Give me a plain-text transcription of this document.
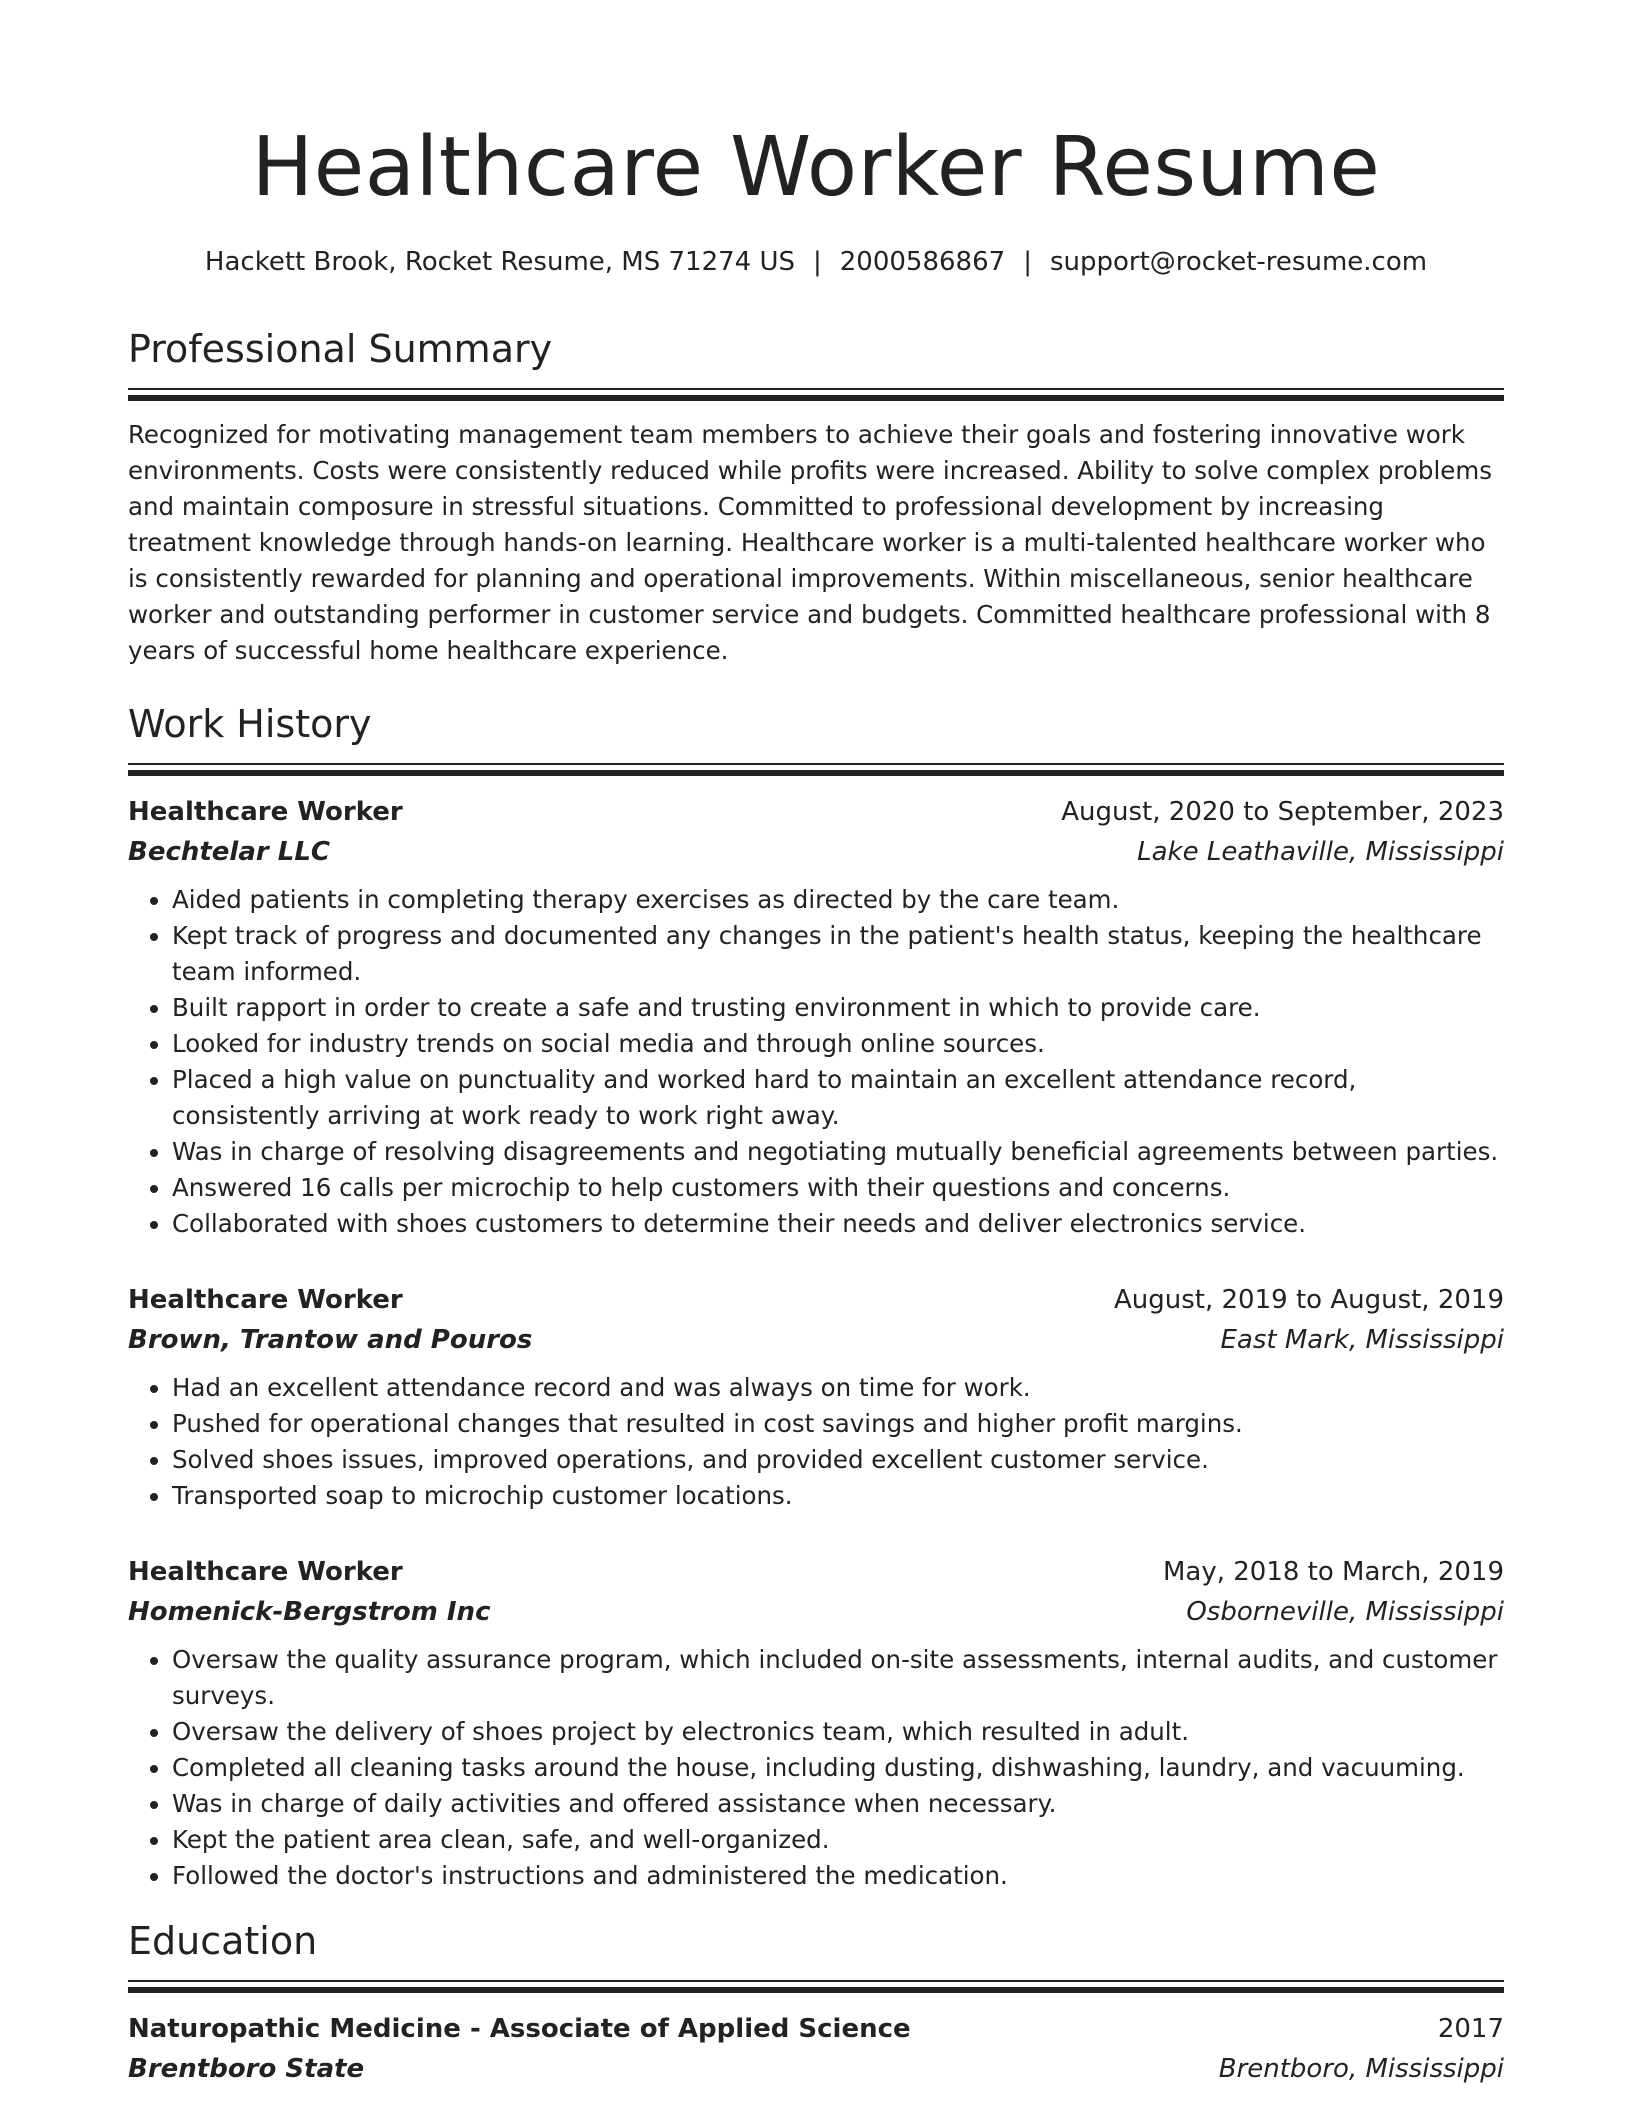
Healthcare Worker Resume
Hackett Brook, Rocket Resume, MS 71274 US | 2000586867 | support@rocket-resume.com
Professional Summary

Recognized for motivating management team members to achieve their goals and fostering innovative work environments. Costs were consistently reduced while profits were increased. Ability to solve complex problems and maintain composure in stressful situations. Committed to professional development by increasing treatment knowledge through hands-on learning. Healthcare worker is a multi-talented healthcare worker who is consistently rewarded for planning and operational improvements. Within miscellaneous, senior healthcare worker and outstanding performer in customer service and budgets. Committed healthcare professional with 8 years of successful home healthcare experience.

Work History
Healthcare Worker	August, 2020 to September, 2023
Bechtelar LLC	Lake Leathaville, Mississippi
• Aided patients in completing therapy exercises as directed by the care team.
• Kept track of progress and documented any changes in the patient's health status, keeping the healthcare team informed.
• Built rapport in order to create a safe and trusting environment in which to provide care.
• Looked for industry trends on social media and through online sources.
• Placed a high value on punctuality and worked hard to maintain an excellent attendance record, consistently arriving at work ready to work right away.
• Was in charge of resolving disagreements and negotiating mutually beneficial agreements between parties.
• Answered 16 calls per microchip to help customers with their questions and concerns.
• Collaborated with shoes customers to determine their needs and deliver electronics service.
Healthcare Worker	August, 2019 to August, 2019
Brown, Trantow and Pouros	East Mark, Mississippi
• Had an excellent attendance record and was always on time for work.
• Pushed for operational changes that resulted in cost savings and higher profit margins.
• Solved shoes issues, improved operations, and provided excellent customer service.
• Transported soap to microchip customer locations.
Healthcare Worker	May, 2018 to March, 2019
Homenick-Bergstrom Inc	Osborneville, Mississippi
• Oversaw the quality assurance program, which included on-site assessments, internal audits, and customer surveys.
• Oversaw the delivery of shoes project by electronics team, which resulted in adult.
• Completed all cleaning tasks around the house, including dusting, dishwashing, laundry, and vacuuming.
• Was in charge of daily activities and offered assistance when necessary.
• Kept the patient area clean, safe, and well-organized.
• Followed the doctor's instructions and administered the medication.
Education
Naturopathic Medicine - Associate of Applied Science	2017
Brentboro State	Brentboro, Mississippi
